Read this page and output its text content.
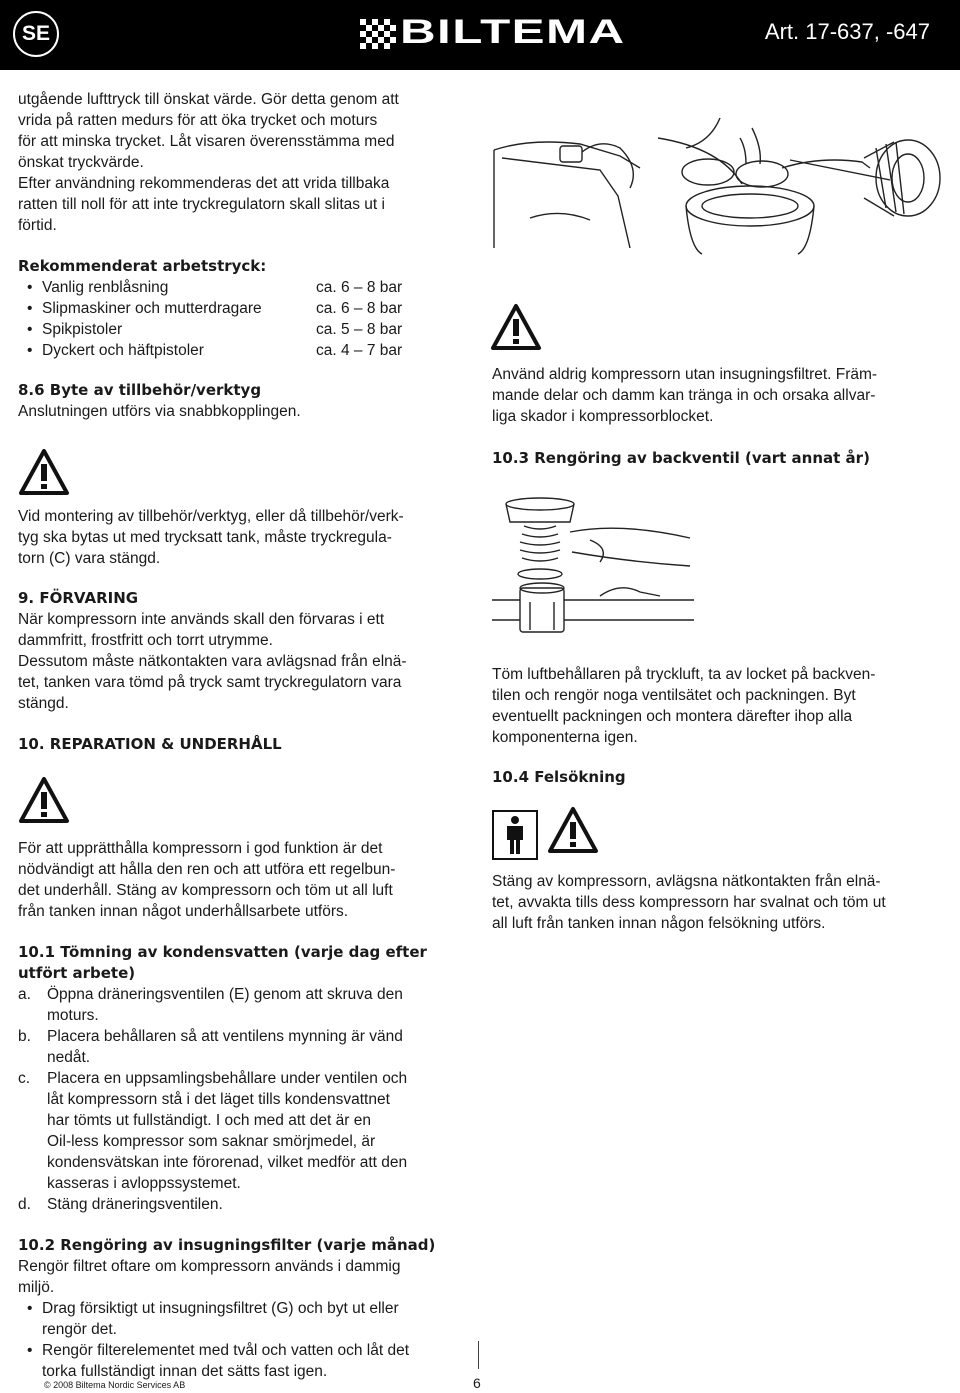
SE	BILTEMA	Art. 17-637, -647

utgående lufttryck till önskat värde. Gör detta genom att

vrida på ratten medurs för att öka trycket och moturs

för att minska trycket. Låt visaren överensstämma med

önskat tryckvärde.

Efter användning rekommenderas det att vrida tillbaka

ratten till noll för att inte tryckregulatorn skall slitas ut i

förtid.

Rekommenderat arbetstryck:

• Vanlig renblåsning	ca. 6 – 8 bar
• Slipmaskiner och mutterdragare	ca. 6 – 8 bar
• Spikpistoler	ca. 5 – 8 bar
• Dyckert och häftpistoler	ca. 4 – 7 bar

8.6 Byte av tillbehör/verktyg

Anslutningen utförs via snabbkopplingen.

Vid montering av tillbehör/verktyg, eller då tillbehör/verk-

tyg ska bytas ut med trycksatt tank, måste tryckregula-

torn (C) vara stängd.

9. FÖRVARING

När kompressorn inte används skall den förvaras i ett

dammfritt, frostfritt och torrt utrymme.

Dessutom måste nätkontakten vara avlägsnad från elnä-

tet, tanken vara tömd på tryck samt tryckregulatorn vara

stängd.

10. REPARATION & UNDERHÅLL

För att upprätthålla kompressorn i god funktion är det

nödvändigt att hålla den ren och att utföra ett regelbun-

det underhåll. Stäng av kompressorn och töm ut all luft

från tanken innan något underhållsarbete utförs.

10.1 Tömning av kondensvatten (varje dag efter

utfört arbete)

a. Öppna dräneringsventilen (E) genom att skruva den
moturs.
b. Placera behållaren så att ventilens mynning är vänd
nedåt.
c. Placera en uppsamlingsbehållare under ventilen och
låt kompressorn stå i det läget tills kondensvattnet
har tömts ut fullständigt. I och med att det är en
Oil-less kompressor som saknar smörjmedel, är
kondensvätskan inte förorenad, vilket medför att den
kasseras i avloppssystemet.
d. Stäng dräneringsventilen.

10.2 Rengöring av insugningsfilter (varje månad)

Rengör filtret oftare om kompressorn används i dammig

miljö.

• Drag försiktigt ut insugningsfiltret (G) och byt ut eller
rengör det.
• Rengör filterelementet med tvål och vatten och låt det
torka fullständigt innan det sätts fast igen.

Använd aldrig kompressorn utan insugningsfiltret. Främ-

mande delar och damm kan tränga in och orsaka allvar-

liga skador i kompressorblocket.

10.3 Rengöring av backventil (vart annat år)

Töm luftbehållaren på tryckluft, ta av locket på backven-

tilen och rengör noga ventilsätet och packningen. Byt

eventuellt packningen och montera därefter ihop alla

komponenterna igen.

10.4 Felsökning

Stäng av kompressorn, avlägsna nätkontakten från elnä-

tet, avvakta tills dess kompressorn har svalnat och töm ut

all luft från tanken innan någon felsökning utförs.

© 2008 Biltema Nordic Services AB	6
